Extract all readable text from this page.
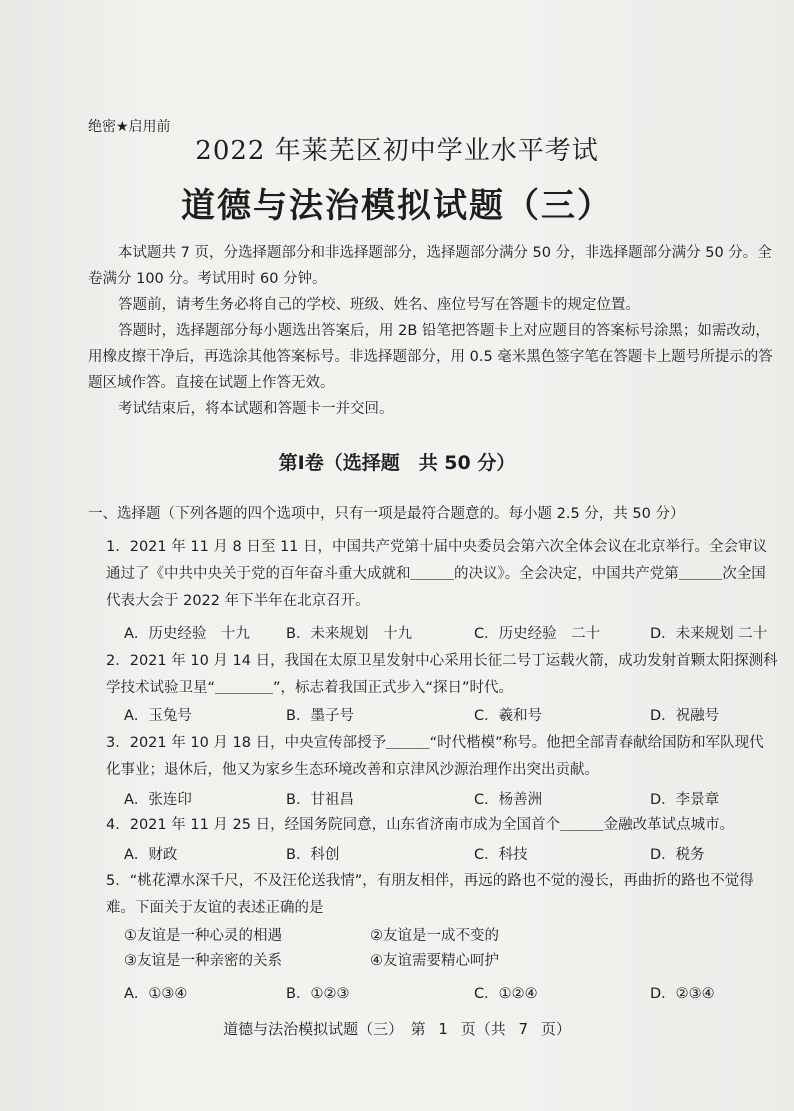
绝密★启用前
2022 年莱芜区初中学业水平考试
道德与法治模拟试题（三）

本试题共 7 页，分选择题部分和非选择题部分，选择题部分满分 50 分，非选择题部分满分 50 分。全卷满分 100 分。考试用时 60 分钟。

答题前，请考生务必将自己的学校、班级、姓名、座位号写在答题卡的规定位置。

答题时，选择题部分每小题选出答案后，用 2B 铅笔把答题卡上对应题目的答案标号涂黑；如需改动，用橡皮擦干净后，再选涂其他答案标号。非选择题部分，用 0.5 毫米黑色签字笔在答题卡上题号所提示的答题区域作答。直接在试题上作答无效。

考试结束后，将本试题和答题卡一并交回。

第Ⅰ卷（选择题　共 50 分）
一、选择题（下列各题的四个选项中，只有一项是最符合题意的。每小题 2.5 分，共 50 分）
1．2021 年 11 月 8 日至 11 日，中国共产党第十届中央委员会第六次全体会议在北京举行。全会审议通过了《中共中央关于党的百年奋斗重大成就和＿＿＿的决议》。全会决定，中国共产党第＿＿＿次全国代表大会于 2022 年下半年在北京召开。
A．历史经验　十九	B．未来规划　十九	C．历史经验　二十	D．未来规划 二十
2．2021 年 10 月 14 日，我国在太原卫星发射中心采用长征二号丁运载火箭，成功发射首颗太阳探测科学技术试验卫星“＿＿＿＿”，标志着我国正式步入“探日”时代。
A．玉兔号	B．墨子号	C．羲和号	D．祝融号
3．2021 年 10 月 18 日，中央宣传部授予＿＿＿“时代楷模”称号。他把全部青春献给国防和军队现代化事业；退休后，他又为家乡生态环境改善和京津风沙源治理作出突出贡献。
A．张连印	B．甘祖昌	C．杨善洲	D．李景章
4．2021 年 11 月 25 日，经国务院同意，山东省济南市成为全国首个＿＿＿金融改革试点城市。
A．财政	B．科创	C．科技	D．税务
5．“桃花潭水深千尺，不及汪伦送我情”，有朋友相伴，再远的路也不觉的漫长，再曲折的路也不觉得难。下面关于友谊的表述正确的是
①友谊是一种心灵的相遇	②友谊是一成不变的
③友谊是一种亲密的关系	④友谊需要精心呵护
A．①③④	B．①②③	C．①②④	D．②③④
道德与法治模拟试题（三）　第 1 页（共 7 页）
